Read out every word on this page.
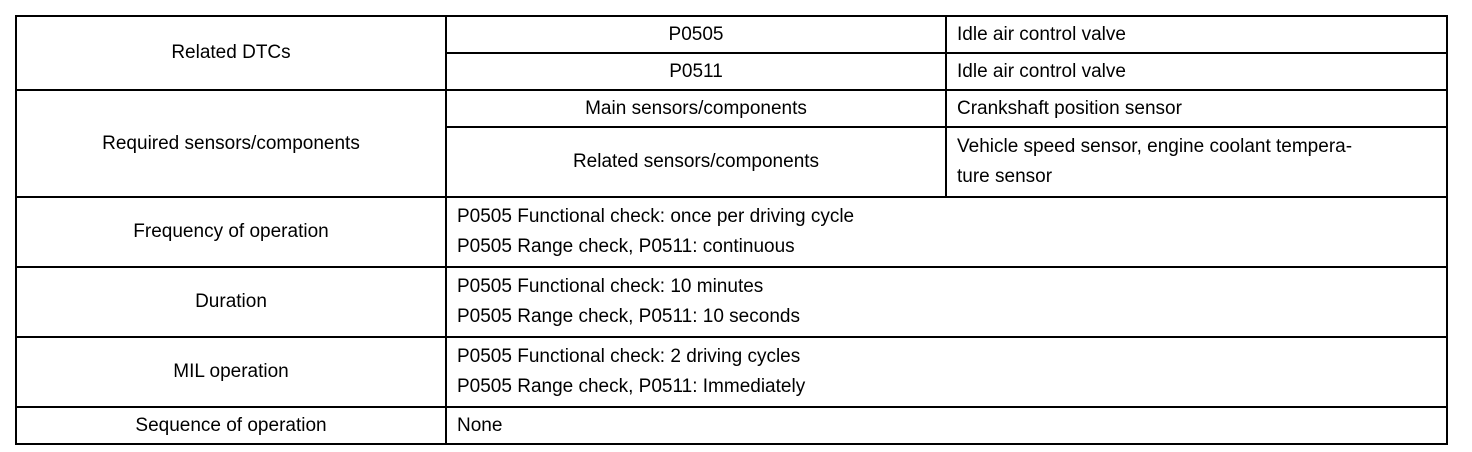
Related DTCs	P0505	Idle air control valve
	P0511	Idle air control valve
Required sensors/components	Main sensors/components	Crankshaft position sensor
	Related sensors/components	Vehicle speed sensor, engine coolant tempera-
ture sensor

Frequency of operation	P0505 Functional check: once per driving cycle
P0505 Range check, P0511: continuous	

Duration	P0505 Functional check: 10 minutes
P0505 Range check, P0511: 10 seconds	

MIL operation	P0505 Functional check: 2 driving cycles
P0505 Range check, P0511: Immediately	

Sequence of operation	None	
